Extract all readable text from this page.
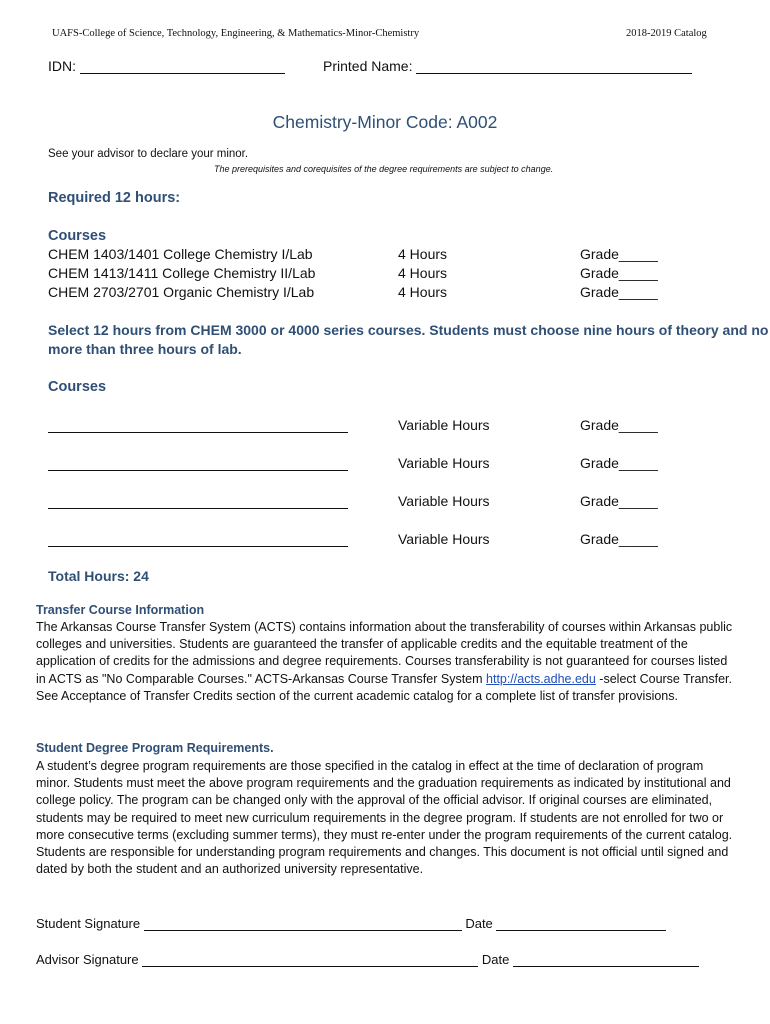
UAFS-College of Science, Technology, Engineering, & Mathematics-Minor-Chemistry	2018-2019 Catalog
IDN:	Printed Name:
Chemistry-Minor Code: A002
See your advisor to declare your minor.
The prerequisites and corequisites of the degree requirements are subject to change.
Required 12 hours:
Courses
CHEM 1403/1401 College Chemistry I/Lab	4 Hours	Grade_____
CHEM 1413/1411 College Chemistry II/Lab	4 Hours	Grade_____
CHEM 2703/2701 Organic Chemistry I/Lab	4 Hours	Grade_____
Select 12 hours from CHEM 3000 or 4000 series courses. Students must choose nine hours of theory and no
more than three hours of lab.
Courses
Variable Hours	Grade_____
Variable Hours	Grade_____
Variable Hours	Grade_____
Variable Hours	Grade_____
Total Hours: 24
Transfer Course Information
The Arkansas Course Transfer System (ACTS) contains information about the transferability of courses within Arkansas public colleges and universities. Students are guaranteed the transfer of applicable credits and the equitable treatment of the application of credits for the admissions and degree requirements. Courses transferability is not guaranteed for courses listed in ACTS as "No Comparable Courses." ACTS-Arkansas Course Transfer System http://acts.adhe.edu -select Course Transfer. See Acceptance of Transfer Credits section of the current academic catalog for a complete list of transfer provisions.
Student Degree Program Requirements.
A student’s degree program requirements are those specified in the catalog in effect at the time of declaration of program minor. Students must meet the above program requirements and the graduation requirements as indicated by institutional and college policy. The program can be changed only with the approval of the official advisor. If original courses are eliminated, students may be required to meet new curriculum requirements in the degree program. If students are not enrolled for two or more consecutive terms (excluding summer terms), they must re-enter under the program requirements of the current catalog. Students are responsible for understanding program requirements and changes. This document is not official until signed and dated by both the student and an authorized university representative.
Student Signature	Date
Advisor Signature	Date
